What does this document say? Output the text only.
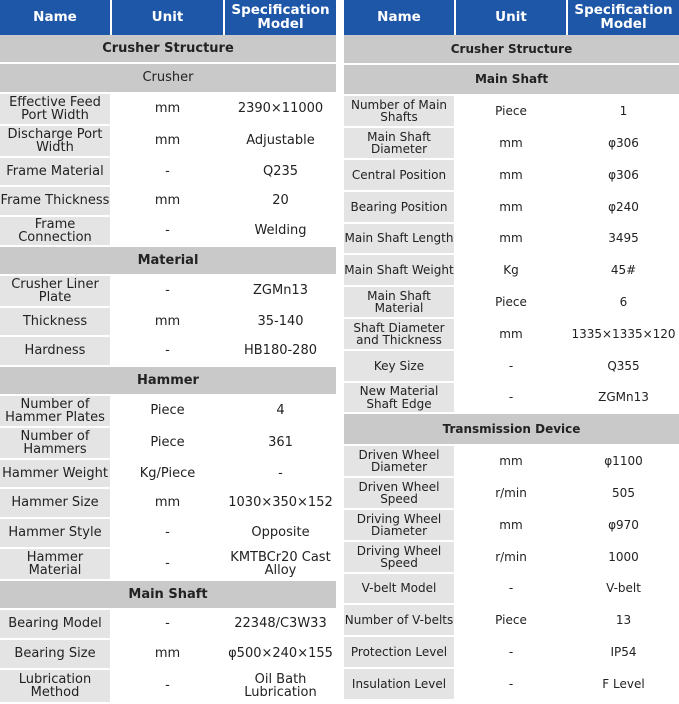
Name	Unit	Specification Model
Crusher Structure		
Crusher		
Effective Feed Port Width	mm	2390×11000
Discharge Port Width	mm	Adjustable
Frame Material	-	Q235
Frame Thickness	mm	20
Frame Connection	-	Welding
Material		
Crusher Liner Plate	-	ZGMn13
Thickness	mm	35-140
Hardness	-	HB180-280
Hammer		
Number of Hammer Plates	Piece	4
Number of Hammers	Piece	361
Hammer Weight	Kg/Piece	-
Hammer Size	mm	1030×350×152
Hammer Style	-	Opposite
Hammer Material	-	KMTBCr20 Cast Alloy
Main Shaft		
Bearing Model	-	22348/C3W33
Bearing Size	mm	φ500×240×155
Lubrication Method	-	Oil Bath Lubrication
Name	Unit	Specification Model
Crusher Structure		
Main Shaft		
Number of Main Shafts	Piece	1
Main Shaft Diameter	mm	φ306
Central Position	mm	φ306
Bearing Position	mm	φ240
Main Shaft Length	mm	3495
Main Shaft Weight	Kg	45#
Main Shaft Material	Piece	6
Shaft Diameter and Thickness	mm	1335×1335×120
Key Size	-	Q355
New Material Shaft Edge	-	ZGMn13
Transmission Device		
Driven Wheel Diameter	mm	φ1100
Driven Wheel Speed	r/min	505
Driving Wheel Diameter	mm	φ970
Driving Wheel Speed	r/min	1000
V-belt Model	-	V-belt
Number of V-belts	Piece	13
Protection Level	-	IP54
Insulation Level	-	F Level
